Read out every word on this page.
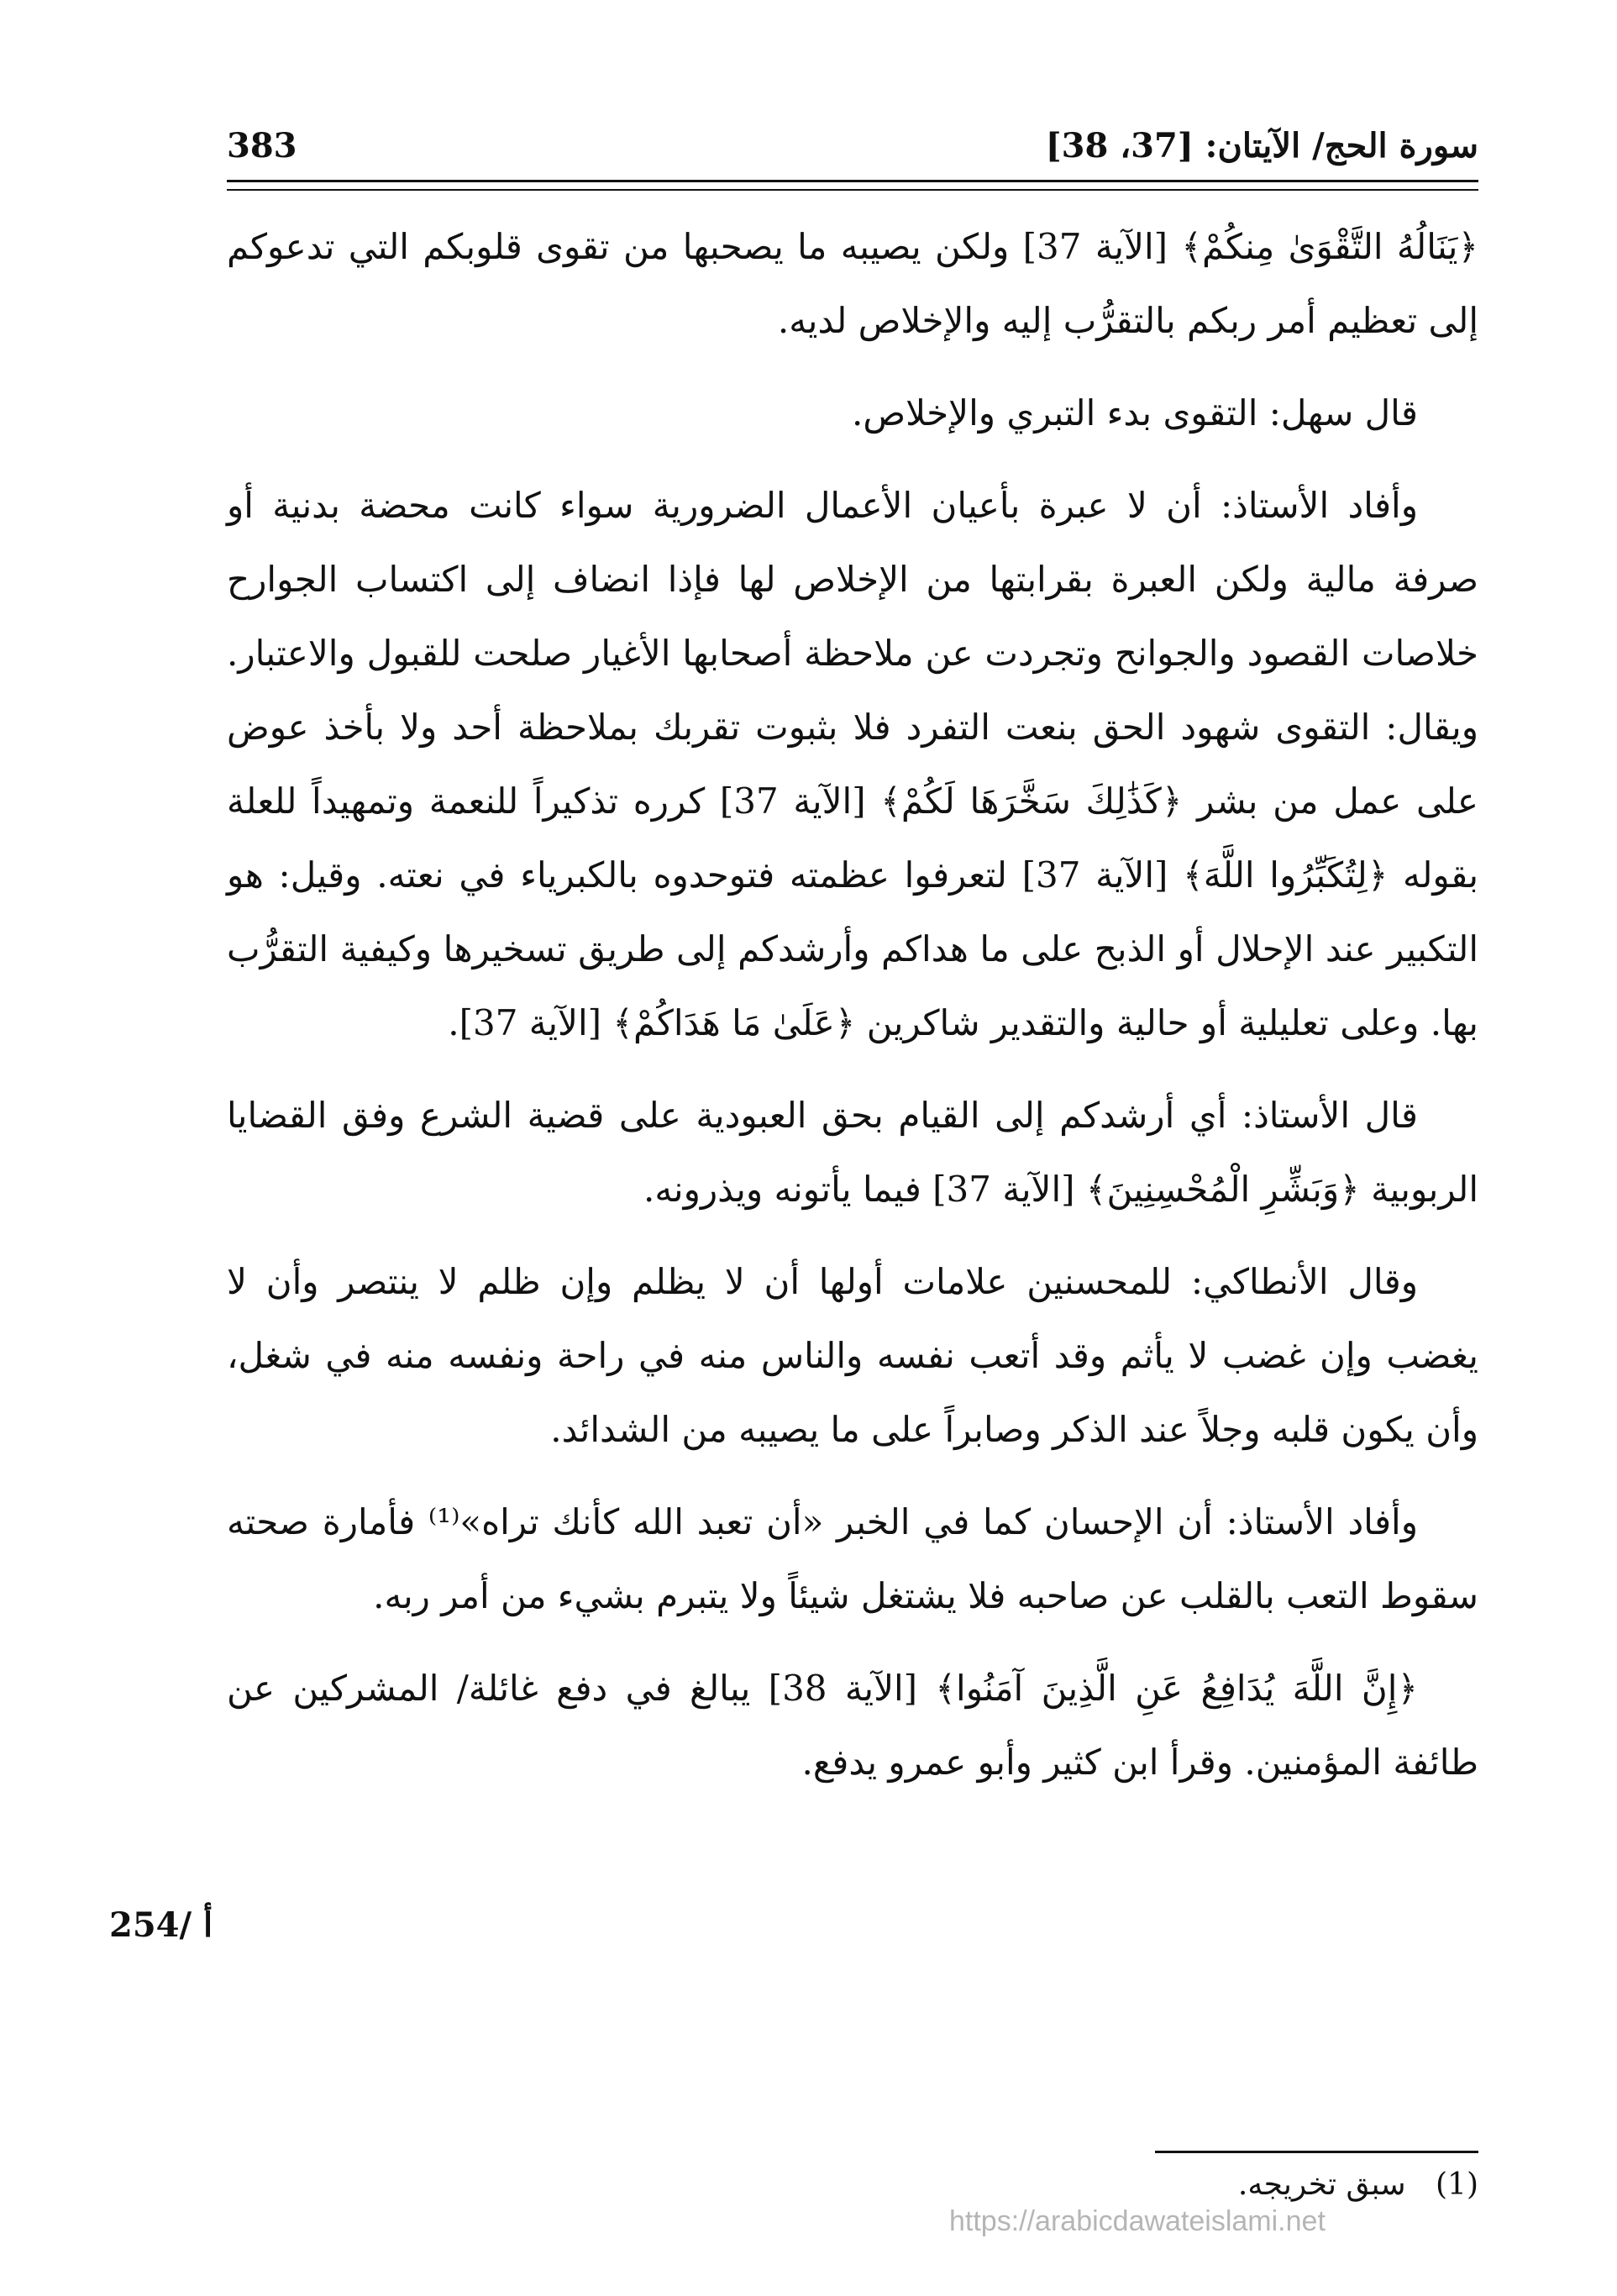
سورة الحج/ الآيتان: [37، 38]
383

﴿يَنَالُهُ التَّقْوَىٰ مِنكُمْ﴾ [الآية 37] ولكن يصيبه ما يصحبها من تقوى قلوبكم التي تدعوكم إلى تعظيم أمر ربكم بالتقرُّب إليه والإخلاص لديه.

قال سهل: التقوى بدء التبري والإخلاص.

وأفاد الأستاذ: أن لا عبرة بأعيان الأعمال الضرورية سواء كانت محضة بدنية أو صرفة مالية ولكن العبرة بقرابتها من الإخلاص لها فإذا انضاف إلى اكتساب الجوارح خلاصات القصود والجوانح وتجردت عن ملاحظة أصحابها الأغيار صلحت للقبول والاعتبار. ويقال: التقوى شهود الحق بنعت التفرد فلا بثبوت تقربك بملاحظة أحد ولا بأخذ عوض على عمل من بشر ﴿كَذَٰلِكَ سَخَّرَهَا لَكُمْ﴾ [الآية 37] كرره تذكيراً للنعمة وتمهيداً للعلة بقوله ﴿لِتُكَبِّرُوا اللَّهَ﴾ [الآية 37] لتعرفوا عظمته فتوحدوه بالكبرياء في نعته. وقيل: هو التكبير عند الإحلال أو الذبح على ما هداكم وأرشدكم إلى طريق تسخيرها وكيفية التقرُّب بها. وعلى تعليلية أو حالية والتقدير شاكرين ﴿عَلَىٰ مَا هَدَاكُمْ﴾ [الآية 37].

قال الأستاذ: أي أرشدكم إلى القيام بحق العبودية على قضية الشرع وفق القضايا الربوبية ﴿وَبَشِّرِ الْمُحْسِنِينَ﴾ [الآية 37] فيما يأتونه ويذرونه.

وقال الأنطاكي: للمحسنين علامات أولها أن لا يظلم وإن ظلم لا ينتصر وأن لا يغضب وإن غضب لا يأثم وقد أتعب نفسه والناس منه في راحة ونفسه منه في شغل، وأن يكون قلبه وجلاً عند الذكر وصابراً على ما يصيبه من الشدائد.

وأفاد الأستاذ: أن الإحسان كما في الخبر «أن تعبد الله كأنك تراه»⁽¹⁾ فأمارة صحته سقوط التعب بالقلب عن صاحبه فلا يشتغل شيئاً ولا يتبرم بشيء من أمر ربه.

﴿إِنَّ اللَّهَ يُدَافِعُ عَنِ الَّذِينَ آمَنُوا﴾ [الآية 38] يبالغ في دفع غائلة/ المشركين عن طائفة المؤمنين. وقرأ ابن كثير وأبو عمرو يدفع.

254/ أ
(1) سبق تخريجه.
https://arabicdawateislami.net
